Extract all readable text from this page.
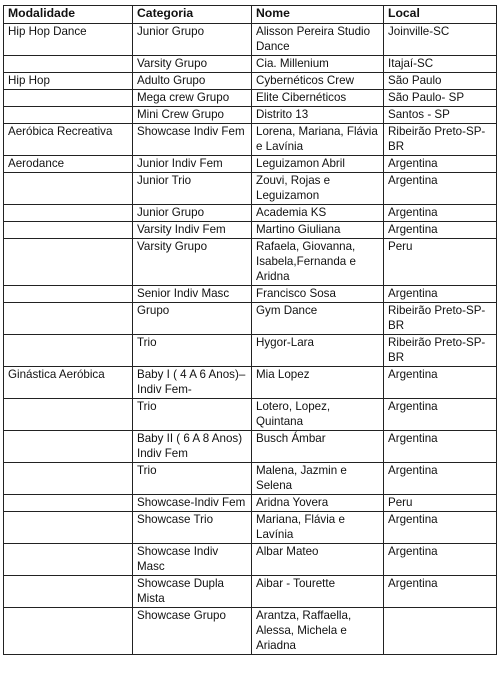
Modalidade	Categoria	Nome	Local
Hip Hop Dance	Junior Grupo	Alisson Pereira Studio Dance	Joinville-SC
	Varsity Grupo	Cia. Millenium	Itajaí-SC
Hip Hop	Adulto Grupo	Cybernéticos Crew	São Paulo
	Mega crew Grupo	Elite Cibernéticos	São Paulo- SP
	Mini Crew Grupo	Distrito 13	Santos - SP
Aeróbica Recreativa	Showcase Indiv Fem	Lorena, Mariana, Flávia e Lavínia	Ribeirão Preto-SP-BR
Aerodance	Junior Indiv Fem	Leguizamon Abril	Argentina
	Junior Trio	Zouvi, Rojas e Leguizamon	Argentina
	Junior Grupo	Academia KS	Argentina
	Varsity Indiv Fem	Martino Giuliana	Argentina
	Varsity Grupo	Rafaela, Giovanna, Isabela,Fernanda e Aridna	Peru
	Senior Indiv Masc	Francisco Sosa	Argentina
	Grupo	Gym Dance	Ribeirão Preto-SP-BR
	Trio	Hygor-Lara	Ribeirão Preto-SP-BR
Ginástica Aeróbica	Baby I ( 4 A 6 Anos)– Indiv Fem-	Mia Lopez	Argentina
	Trio	Lotero, Lopez, Quintana	Argentina
	Baby II ( 6 A 8 Anos) Indiv Fem	Busch Ámbar	Argentina
	Trio	Malena, Jazmin e Selena	Argentina
	Showcase-Indiv Fem	Aridna Yovera	Peru
	Showcase Trio	Mariana, Flávia e Lavínia	Argentina
	Showcase Indiv Masc	Albar Mateo	Argentina
	Showcase Dupla Mista	Aibar - Tourette	Argentina
	Showcase Grupo	Arantza, Raffaella, Alessa, Michela e Ariadna	
